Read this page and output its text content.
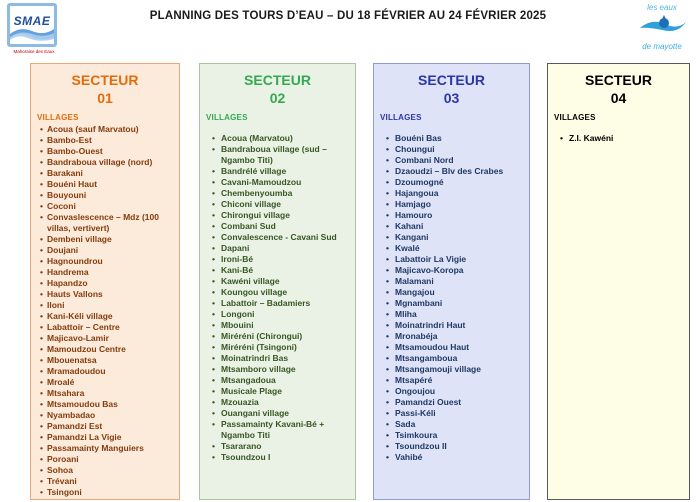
SMAE
Mahoraise des Eaux
PLANNING DES TOURS D’EAU – DU 18 FÉVRIER AU 24 FÉVRIER 2025
les eaux
de mayotte
SECTEUR
01
VILLAGES
• Acoua (sauf Marvatou)
• Bambo-Est
• Bambo-Ouest
• Bandraboua village (nord)
• Barakani
• Bouéni Haut
• Bouyouni
• Coconi
• Convaslescence – Mdz (100 villas, vertivert)
• Dembeni village
• Doujani
• Hagnoundrou
• Handrema
• Hapandzo
• Hauts Vallons
• Iloni
• Kani-Kéli village
• Labattoir – Centre
• Majicavo-Lamir
• Mamoudzou Centre
• Mbouenatsa
• Mramadoudou
• Mroalé
• Mtsahara
• Mtsamoudou Bas
• Nyambadao
• Pamandzi Est
• Pamandzi La Vigie
• Passamainty Manguiers
• Poroani
• Sohoa
• Trévani
• Tsingoni
SECTEUR
02
VILLAGES
• Acoua (Marvatou)
• Bandraboua village (sud – Ngambo Titi)
• Bandrélé village
• Cavani-Mamoudzou
• Chembenyoumba
• Chiconi village
• Chirongui village
• Combani Sud
• Convalescence - Cavani Sud
• Dapani
• Ironi-Bé
• Kani-Bé
• Kawéni village
• Koungou village
• Labattoir – Badamiers
• Longoni
• Mbouini
• Miréréni (Chirongui)
• Miréréni (Tsingoni)
• Moinatrindri Bas
• Mtsamboro village
• Mtsangadoua
• Musicale Plage
• Mzouazia
• Ouangani village
• Passamainty Kavani-Bé + Ngambo Titi
• Tsararano
• Tsoundzou I
SECTEUR
03
VILLAGES
• Bouéni Bas
• Choungui
• Combani Nord
• Dzaoudzi – Blv des Crabes
• Dzoumogné
• Hajangoua
• Hamjago
• Hamouro
• Kahani
• Kangani
• Kwalé
• Labattoir La Vigie
• Majicavo-Koropa
• Malamani
• Mangajou
• Mgnambani
• Mliha
• Moinatrindri Haut
• Mronabéja
• Mtsamoudou Haut
• Mtsangamboua
• Mtsangamouji village
• Mtsapéré
• Ongoujou
• Pamandzi Ouest
• Passi-Kéli
• Sada
• Tsimkoura
• Tsoundzou II
• Vahibé
SECTEUR
04
VILLAGES
• Z.I. Kawéni
